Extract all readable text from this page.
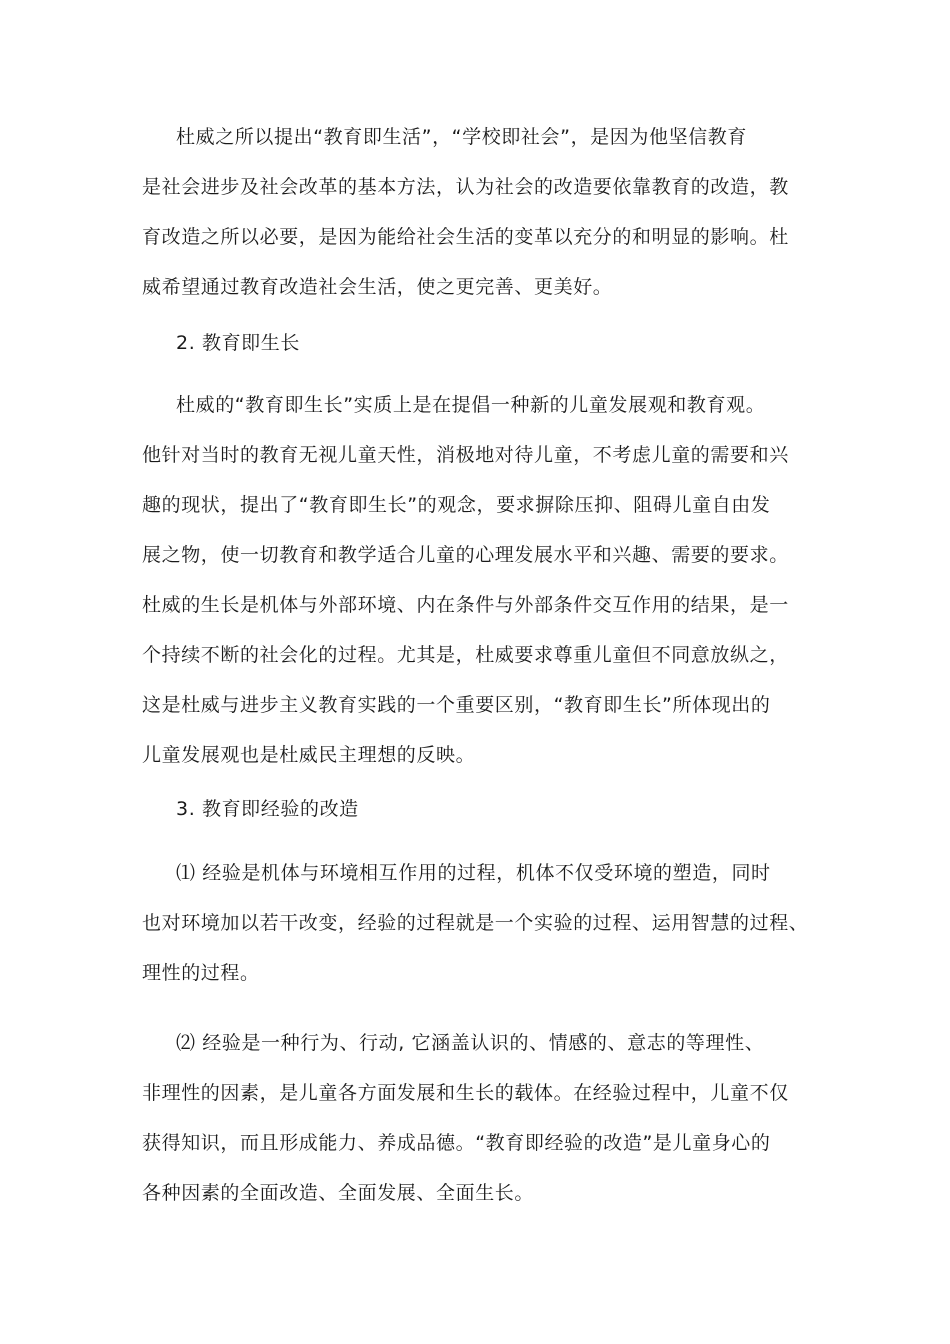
杜威之所以提出“教育即生活”，“学校即社会”，是因为他坚信教育
是社会进步及社会改革的基本方法，认为社会的改造要依靠教育的改造，教
育改造之所以必要，是因为能给社会生活的变革以充分的和明显的影响。杜
威希望通过教育改造社会生活，使之更完善、更美好。
2. 教育即生长
杜威的“教育即生长”实质上是在提倡一种新的儿童发展观和教育观。
他针对当时的教育无视儿童天性，消极地对待儿童，不考虑儿童的需要和兴
趣的现状，提出了“教育即生长”的观念，要求摒除压抑、阻碍儿童自由发
展之物，使一切教育和教学适合儿童的心理发展水平和兴趣、需要的要求。
杜威的生长是机体与外部环境、内在条件与外部条件交互作用的结果，是一
个持续不断的社会化的过程。尤其是，杜威要求尊重儿童但不同意放纵之，
这是杜威与进步主义教育实践的一个重要区别，“教育即生长”所体现出的
儿童发展观也是杜威民主理想的反映。
3. 教育即经验的改造
⑴ 经验是机体与环境相互作用的过程，机体不仅受环境的塑造，同时
也对环境加以若干改变，经验的过程就是一个实验的过程、运用智慧的过程、
理性的过程。
⑵ 经验是一种行为、行动, 它涵盖认识的、情感的、意志的等理性、
非理性的因素，是儿童各方面发展和生长的载体。在经验过程中，儿童不仅
获得知识，而且形成能力、养成品德。“教育即经验的改造”是儿童身心的
各种因素的全面改造、全面发展、全面生长。
